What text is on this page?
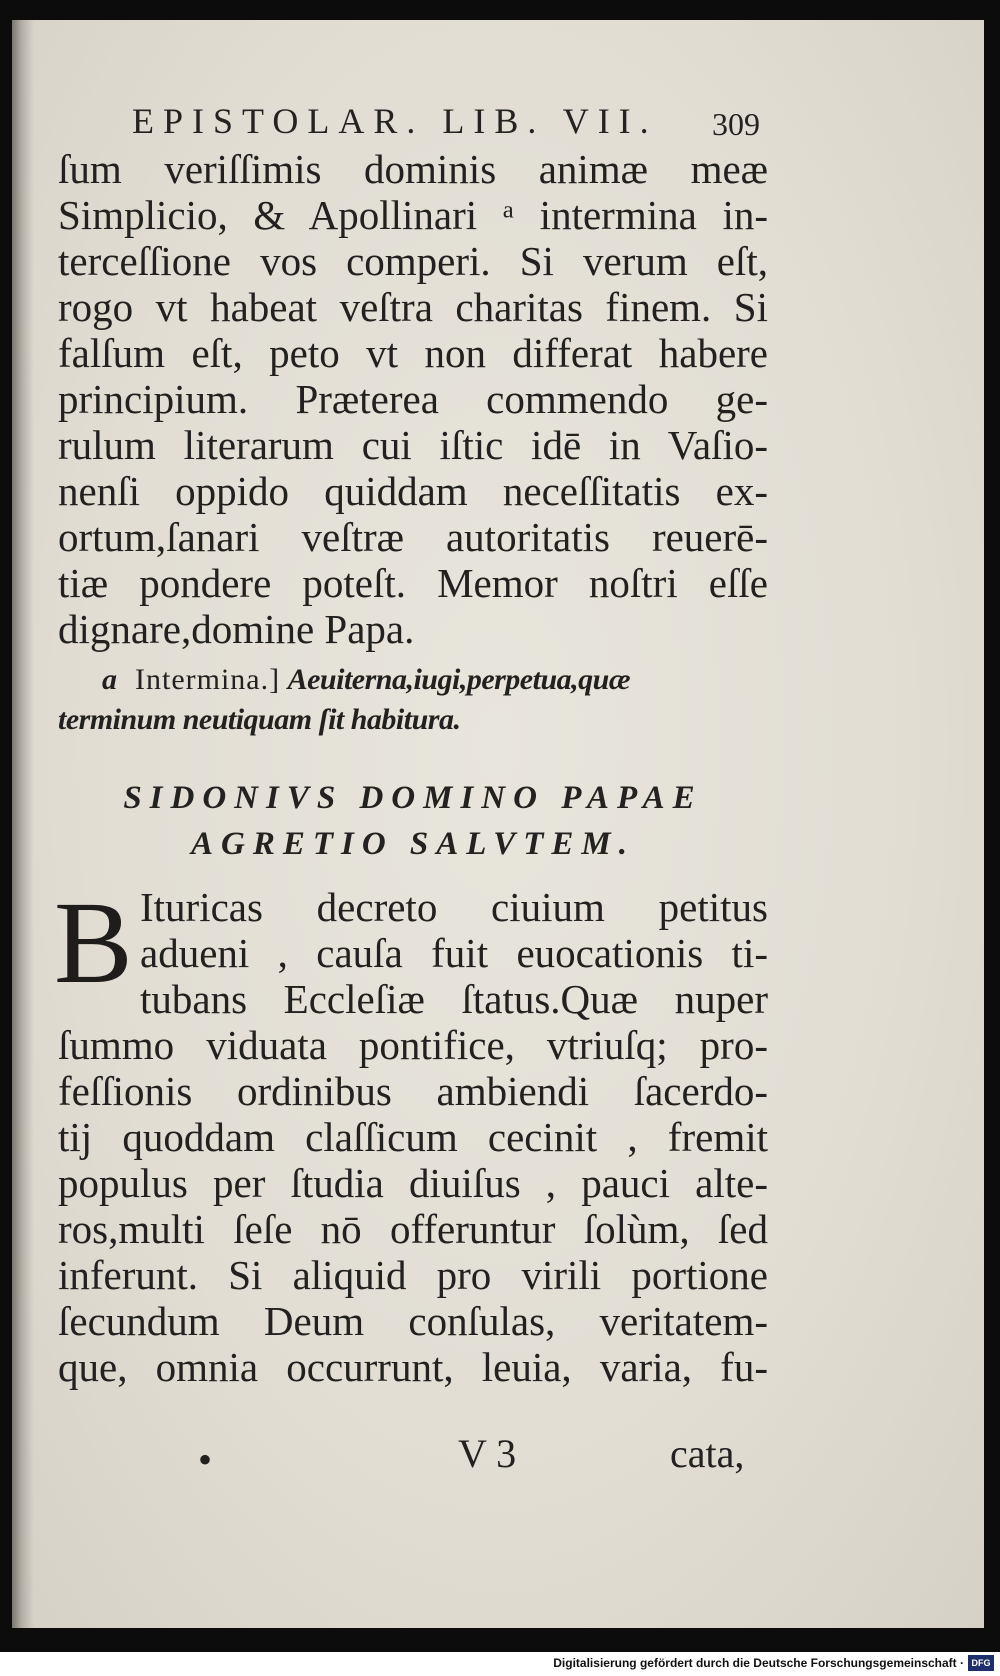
EPISTOLAR. LIB. VII.	309
ſum veriſſimis dominis animæ meæ
Simplicio, & Apollinari ᵃ intermina in-
terceſſione vos comperi. Si verum eſt,
rogo vt habeat veſtra charitas finem. Si
falſum eſt, peto vt non differat habere
principium. Præterea commendo ge-
rulum literarum cui iſtic idē in Vaſio-
nenſi oppido quiddam neceſſitatis ex-
ortum,ſanari veſtræ autoritatis reuerē-
tiæ pondere poteſt. Memor noſtri eſſe
dignare,domine Papa.
a Intermina.] Aeuiterna,iugi,perpetua,quæ
terminum neutiquam ſit habitura.
SIDONIVS DOMINO PAPAE
AGRETIO SALVTEM.
B Ituricas decreto ciuium petitus
adueni , cauſa fuit euocationis ti-
tubans Eccleſiæ ſtatus.Quæ nuper
ſummo viduata pontifice, vtriuſq; pro-
feſſionis ordinibus ambiendi ſacerdo-
tij quoddam claſſicum cecinit , fremit
populus per ſtudia diuiſus , pauci alte-
ros,multi ſeſe nō offeruntur ſolùm, ſed
inferunt. Si aliquid pro virili portione
ſecundum Deum conſulas, veritatem-
que, omnia occurrunt, leuia, varia, fu-
•	V 3	cata,
Digitalisierung gefördert durch die Deutsche Forschungsgemeinschaft · DFG
